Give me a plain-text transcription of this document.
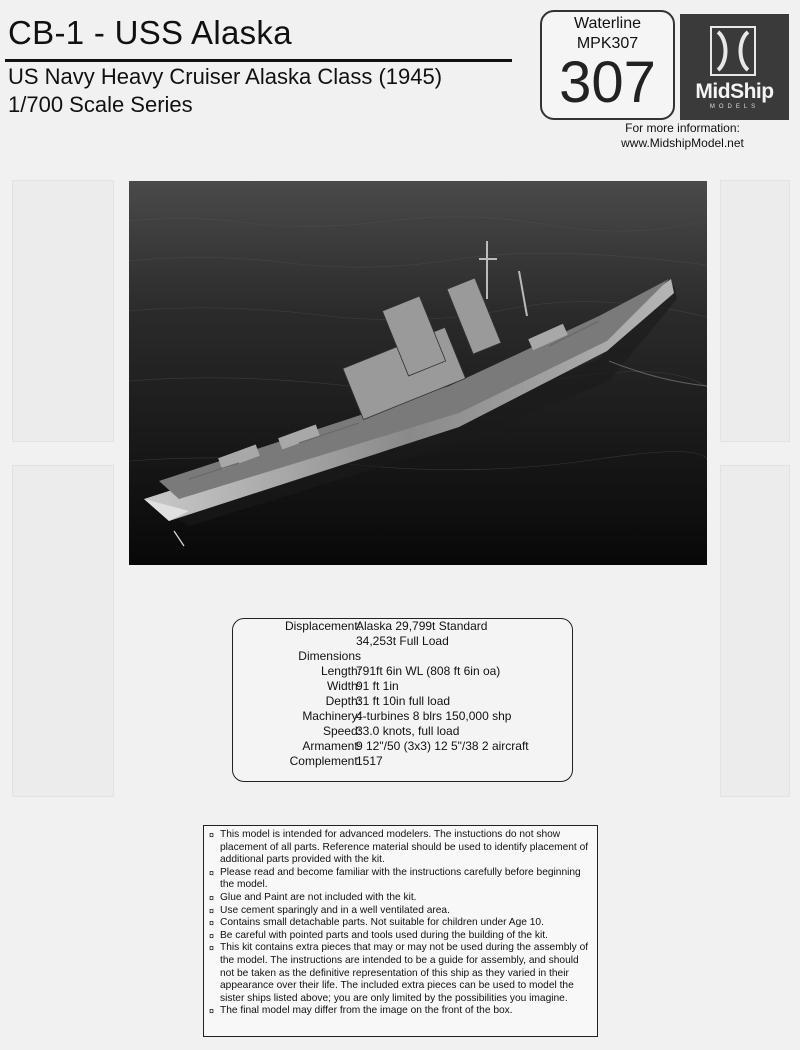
CB-1 - USS Alaska
US Navy Heavy Cruiser Alaska Class (1945)
1/700 Scale Series
Waterline
MPK307
307	MidShip
MODELS
For more information:
www.MidshipModel.net
Displacement:
Alaska 29,799t Standard
34,253t Full Load
Dimensions
Length:
791ft 6in WL (808 ft 6in oa)
Width:
91 ft 1in
Depth:
31 ft 10in full load
Machinery:
4-turbines 8 blrs 150,000 shp
Speed:
33.0 knots, full load
Armament:
9 12"/50 (3x3) 12 5"/38 2 aircraft
Complement:
1517
¤ This model is intended for advanced modelers. The instuctions do not show placement of all parts. Reference material should be used to identify placement of additional parts provided with the kit.
¤ Please read and become familiar with the instructions carefully before beginning the model.
¤ Glue and Paint are not included with the kit.
¤ Use cement sparingly and in a well ventilated area.
¤ Contains small detachable parts. Not suitable for children under Age 10.
¤ Be careful with pointed parts and tools used during the building of the kit.
¤ This kit contains extra pieces that may or may not be used during the assembly of the model. The instructions are intended to be a guide for assembly, and should not be taken as the definitive representation of this ship as they varied in their appearance over their life. The included extra pieces can be used to model the sister ships listed above; you are only limited by the possibilities you imagine.
¤ The final model may differ from the image on the front of the box.
